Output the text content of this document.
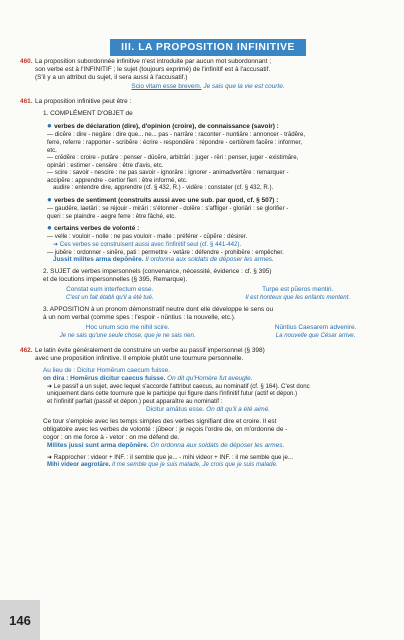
III. LA PROPOSITION INFINITIVE
460. La proposition subordonnée infinitive n'est introduite par aucun mot subordonnant ;
son verbe est à l'INFINITIF ; le sujet (toujours exprimé) de l'infinitif est à l'accusatif.
(S'il y a un attribut du sujet, il sera aussi à l'accusatif.)
Scio vitam esse brevem. Je sais que la vie est courte.
461. La proposition infinitive peut être :
1. COMPLÉMENT D'OBJET de
● verbes de déclaration (dire), d'opinion (croire), de connaissance (savoir) :
— dicĕre : dire - negāre : dire que... ne... pas - narrāre : raconter - nuntiāre : annoncer - trādĕre,
ferre, referre : rapporter - scribĕre : écrire - respondēre : répondre - certiōrem facĕre : informer,
etc.
— crēdĕre : croire - putāre : penser - dūcĕre, arbitrāri : juger - rēri : penser, juger - existimāre,
opināri : estimer - censēre : être d'avis, etc.
— scire : savoir - nescire : ne pas savoir - ignorāre : ignorer - animadvertĕre : remarquer -
accipĕre : apprendre - certior fieri : être informé, etc.
audire : entendre dire, apprendre (cf. § 432, R.) - vidēre : constater (cf. § 432, R.).
● verbes de sentiment (construits aussi avec une sub. par quod, cf. § 507) :
— gaudēre, laetāri : se réjouir - mirāri : s'étonner - dolēre : s'affliger - gloriāri : se glorifier -
queri : se plaindre - aegre ferre : être fâché, etc.
● certains verbes de volonté :
— velle : vouloir - nolle : ne pas vouloir - malle : préférer - cŭpĕre : désirer.
➜ Ces verbes se construisent aussi avec l'infinitif seul (cf. § 441-442).
— jubēre : ordonner - sinĕre, pati : permettre - vetāre : défendre - prohibēre : empêcher.
Jussit milites arma depōnĕre. Il ordonna aux soldats de déposer les armes.
2. SUJET de verbes impersonnels (convenance, nécessité, évidence : cf. § 395)
et de locutions impersonnelles (§ 395, Remarque).
Constat eum interfectum esse.
C'est un fait établi qu'il a été tué.
Turpe est pŭeros mentiri.
Il est honteux que les enfants mentent.
3. APPOSITION à un pronom démonstratif neutre dont elle développe le sens ou
à un nom verbal (comme spes : l'espoir - nūntius : la nouvelle, etc.).
Hoc unum scio me nihil scire.
Je ne sais qu'une seule chose, que je ne sais rien.
Nūntius Caesarem advenire.
La nouvelle que César arrive.
462. Le latin évite généralement de construire un verbe au passif impersonnel (§ 398)
avec une proposition infinitive. Il emploie plutôt une tournure personnelle.
Au lieu de : Dicitur Homērum caecum fuisse.
on dira : Homērus dicitur caecus fuisse. On dit qu'Homère fut aveugle.
➜ Le passif a un sujet, avec lequel s'accorde l'attribut caecus, au nominatif (cf. § 164). C'est donc
uniquement dans cette tournure que le participe qui figure dans l'infinitif futur (actif et dépon.)
et l'infinitif parfait (passif et dépon.) peut apparaître au nominatif :
Dicitur amātus esse. On dit qu'il a été aimé.
Ce tour s'emploie avec les temps simples des verbes signifiant dire et croire. Il est
obligatoire avec les verbes de volonté : jŭbeor : je reçois l'ordre de, on m'ordonne de -
cogor : on me force à - vetor : on me défend de.
Milites jussi sunt arma depōnĕre. On ordonna aux soldats de déposer les armes.
➜ Rapprocher : videor + INF. : il semble que je... - mihi videor + INF. : il me semble que je...
Mihi videor aegrotāre. Il me semble que je suis malade, Je crois que je suis malade.
146
